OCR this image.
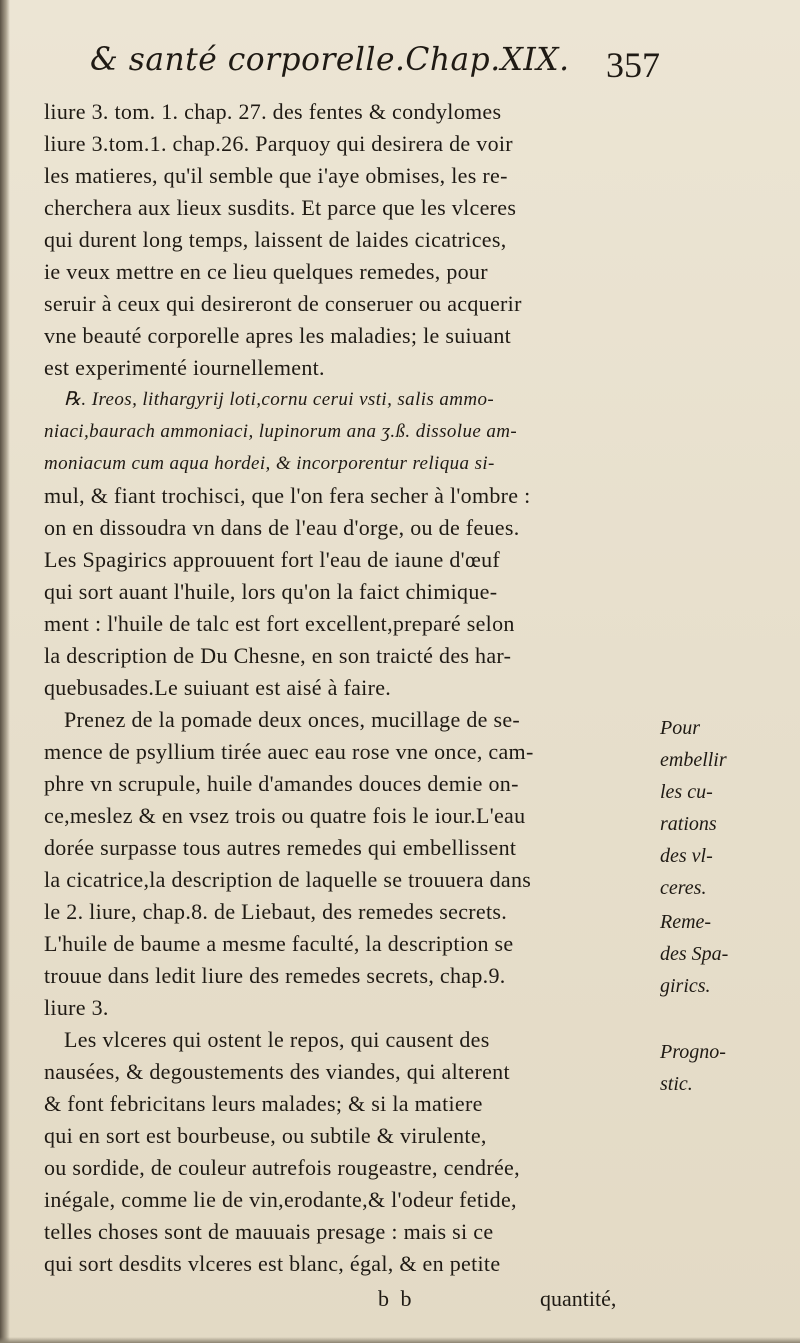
& santé corporelle.Chap.XIX. 357
liure 3. tom. 1. chap. 27. des fentes & condylomes
liure 3.tom.1. chap.26. Parquoy qui desirera de voir
les matieres, qu'il semble que i'aye obmises, les re-
cherchera aux lieux susdits. Et parce que les vlceres
qui durent long temps, laissent de laides cicatrices,
ie veux mettre en ce lieu quelques remedes, pour
seruir à ceux qui desireront de conseruer ou acquerir
vne beauté corporelle apres les maladies; le suiuant
est experimenté iournellement.
℞. Ireos, lithargyrij loti,cornu cerui vsti, salis ammo-
niaci,baurach ammoniaci, lupinorum ana ʒ.ß. dissolue am-
moniacum cum aqua hordei, & incorporentur reliqua si-
mul, & fiant trochisci, que l'on fera secher à l'ombre :
on en dissoudra vn dans de l'eau d'orge, ou de feues.
Les Spagirics approuuent fort l'eau de iaune d'œuf
qui sort auant l'huile, lors qu'on la faict chimique-
ment : l'huile de talc est fort excellent,preparé selon
la description de Du Chesne, en son traicté des har-
quebusades.Le suiuant est aisé à faire.
Prenez de la pomade deux onces, mucillage de se-
mence de psyllium tirée auec eau rose vne once, cam-
phre vn scrupule, huile d'amandes douces demie on-
ce,meslez & en vsez trois ou quatre fois le iour.L'eau
dorée surpasse tous autres remedes qui embellissent
la cicatrice,la description de laquelle se trouuera dans
le 2. liure, chap.8. de Liebaut, des remedes secrets.
L'huile de baume a mesme faculté, la description se
trouue dans ledit liure des remedes secrets, chap.9.
liure 3.
Les vlceres qui ostent le repos, qui causent des
nausées, & degoustements des viandes, qui alterent
& font febricitans leurs malades; & si la matiere
qui en sort est bourbeuse, ou subtile & virulente,
ou sordide, de couleur autrefois rougeastre, cendrée,
inégale, comme lie de vin,erodante,& l'odeur fetide,
telles choses sont de mauuais presage : mais si ce
qui sort desdits vlceres est blanc, égal, & en petite
Pour
embellir
les cu-
rations
des vl-
ceres.
Reme-
des Spa-
girics.
Progno-
stic.
b b	quantité,
